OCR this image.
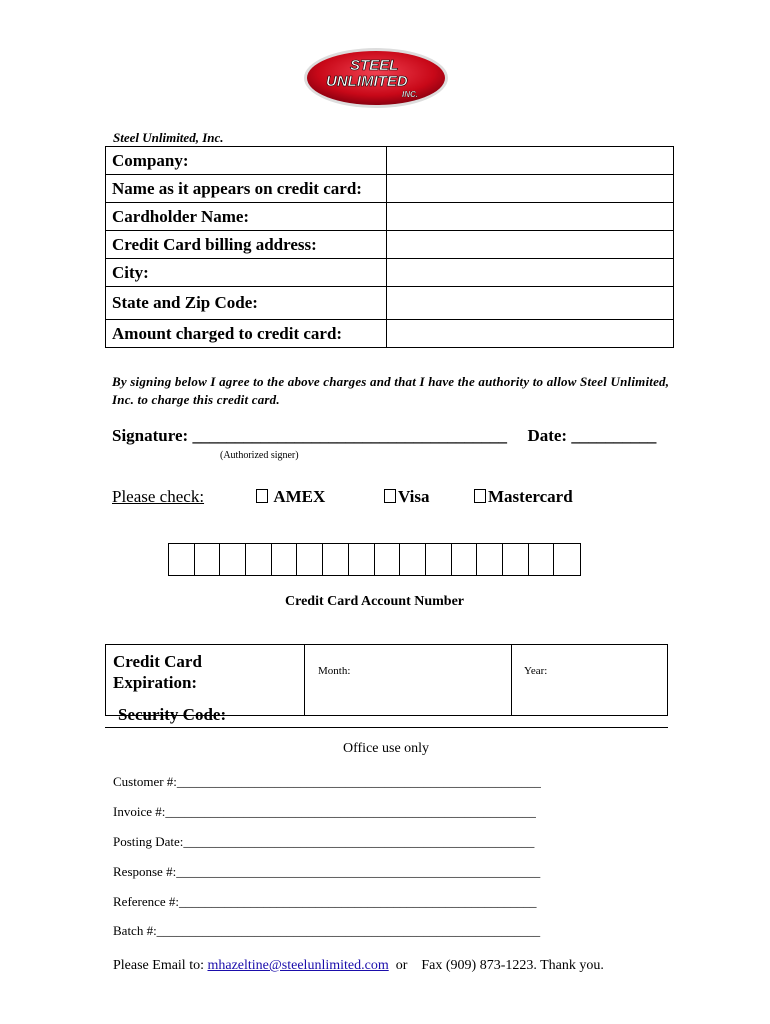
STEEL
UNLIMITED
INC.
Steel Unlimited, Inc.
Company:	
Name as it appears on credit card:	
Cardholder Name:	
Credit Card billing address:	
City:	
State and Zip Code:	
Amount charged to credit card:	
By signing below I agree to the above charges and that I have the authority to allow Steel Unlimited, Inc. to charge this credit card.
Signature: _____________________________________ Date: __________
(Authorized signer)
Please check:	AMEX	Visa	Mastercard
Credit Card Account Number
Credit Card
Expiration:	Month:	Year:
Security Code:
Office use only
Customer #:________________________________________________________
Invoice #:_________________________________________________________
Posting Date:______________________________________________________
Response #:________________________________________________________
Reference #:_______________________________________________________
Batch #:___________________________________________________________
Please Email to: mhazeltine@steelunlimited.com  or    Fax (909) 873-1223. Thank you.
